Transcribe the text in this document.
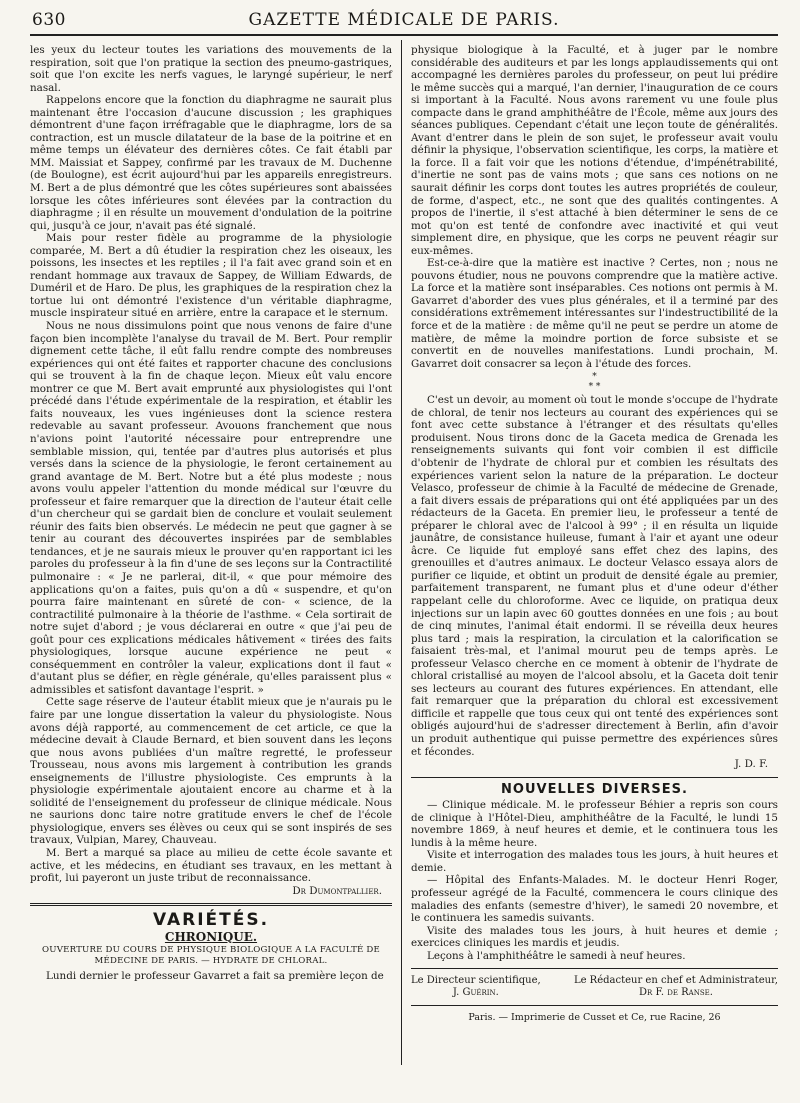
630	GAZETTE MÉDICALE DE PARIS.

les yeux du lecteur toutes les variations des mouvements de la respiration, soit que l'on pratique la section des pneumo-gastriques, soit que l'on excite les nerfs vagues, le laryngé supérieur, le nerf nasal.

Rappelons encore que la fonction du diaphragme ne saurait plus maintenant être l'occasion d'aucune discussion ; les graphiques démontrent d'une façon irréfragable que le diaphragme, lors de sa contraction, est un muscle dilatateur de la base de la poitrine et en même temps un élévateur des dernières côtes. Ce fait établi par MM. Maissiat et Sappey, confirmé par les travaux de M. Duchenne (de Boulogne), est écrit aujourd'hui par les appareils enregistreurs. M. Bert a de plus démontré que les côtes supérieures sont abaissées lorsque les côtes inférieures sont élevées par la contraction du diaphragme ; il en résulte un mouvement d'ondulation de la poitrine qui, jusqu'à ce jour, n'avait pas été signalé.

Mais pour rester fidèle au programme de la physiologie comparée, M. Bert a dû étudier la respiration chez les oiseaux, les poissons, les insectes et les reptiles ; il l'a fait avec grand soin et en rendant hommage aux travaux de Sappey, de William Edwards, de Duméril et de Haro. De plus, les graphiques de la respiration chez la tortue lui ont démontré l'existence d'un véritable diaphragme, muscle inspirateur situé en arrière, entre la carapace et le sternum.

Nous ne nous dissimulons point que nous venons de faire d'une façon bien incomplète l'analyse du travail de M. Bert. Pour remplir dignement cette tâche, il eût fallu rendre compte des nombreuses expériences qui ont été faites et rapporter chacune des conclusions qui se trouvent à la fin de chaque leçon. Mieux eût valu encore montrer ce que M. Bert avait emprunté aux physiologistes qui l'ont précédé dans l'étude expérimentale de la respiration, et établir les faits nouveaux, les vues ingénieuses dont la science restera redevable au savant professeur. Avouons franchement que nous n'avions point l'autorité nécessaire pour entreprendre une semblable mission, qui, tentée par d'autres plus autorisés et plus versés dans la science de la physiologie, le feront certainement au grand avantage de M. Bert. Notre but a été plus modeste ; nous avons voulu appeler l'attention du monde médical sur l'œuvre du professeur et faire remarquer que la direction de l'auteur était celle d'un chercheur qui se gardait bien de conclure et voulait seulement réunir des faits bien observés. Le médecin ne peut que gagner à se tenir au courant des découvertes inspirées par de semblables tendances, et je ne saurais mieux le prouver qu'en rapportant ici les paroles du professeur à la fin d'une de ses leçons sur la Contractilité pulmonaire : « Je ne parlerai, dit-il, « que pour mémoire des applications qu'on a faites, puis qu'on a dû « suspendre, et qu'on pourra faire maintenant en sûreté de con- « science, de la contractilité pulmonaire à la théorie de l'asthme. « Cela sortirait de notre sujet d'abord ; je vous déclarerai en outre « que j'ai peu de goût pour ces explications médicales hâtivement « tirées des faits physiologiques, lorsque aucune expérience ne peut « conséquemment en contrôler la valeur, explications dont il faut « d'autant plus se défier, en règle générale, qu'elles paraissent plus « admissibles et satisfont davantage l'esprit. »

Cette sage réserve de l'auteur établit mieux que je n'aurais pu le faire par une longue dissertation la valeur du physiologiste. Nous avons déjà rapporté, au commencement de cet article, ce que la médecine devait à Claude Bernard, et bien souvent dans les leçons que nous avons publiées d'un maître regretté, le professeur Trousseau, nous avons mis largement à contribution les grands enseignements de l'illustre physiologiste. Ces emprunts à la physiologie expérimentale ajoutaient encore au charme et à la solidité de l'enseignement du professeur de clinique médicale. Nous ne saurions donc taire notre gratitude envers le chef de l'école physiologique, envers ses élèves ou ceux qui se sont inspirés de ses travaux, Vulpian, Marey, Chauveau.

M. Bert a marqué sa place au milieu de cette école savante et active, et les médecins, en étudiant ses travaux, en les mettant à profit, lui payeront un juste tribut de reconnaissance.

Dr Dumontpallier.
VARIÉTÉS.
CHRONIQUE.
OUVERTURE DU COURS DE PHYSIQUE BIOLOGIQUE A LA FACULTÉ DE MÉDECINE DE PARIS. — HYDRATE DE CHLORAL.

Lundi dernier le professeur Gavarret a fait sa première leçon de

physique biologique à la Faculté, et à juger par le nombre considérable des auditeurs et par les longs applaudissements qui ont accompagné les dernières paroles du professeur, on peut lui prédire le même succès qui a marqué, l'an dernier, l'inauguration de ce cours si important à la Faculté. Nous avons rarement vu une foule plus compacte dans le grand amphithéâtre de l'École, même aux jours des séances publiques. Cependant c'était une leçon toute de généralités. Avant d'entrer dans le plein de son sujet, le professeur avait voulu définir la physique, l'observation scientifique, les corps, la matière et la force. Il a fait voir que les notions d'étendue, d'impénétrabilité, d'inertie ne sont pas de vains mots ; que sans ces notions on ne saurait définir les corps dont toutes les autres propriétés de couleur, de forme, d'aspect, etc., ne sont que des qualités contingentes. A propos de l'inertie, il s'est attaché à bien déterminer le sens de ce mot qu'on est tenté de confondre avec inactivité et qui veut simplement dire, en physique, que les corps ne peuvent réagir sur eux-mêmes.

Est-ce-à-dire que la matière est inactive ? Certes, non ; nous ne pouvons étudier, nous ne pouvons comprendre que la matière active. La force et la matière sont inséparables. Ces notions ont permis à M. Gavarret d'aborder des vues plus générales, et il a terminé par des considérations extrêmement intéressantes sur l'indestructibilité de la force et de la matière : de même qu'il ne peut se perdre un atome de matière, de même la moindre portion de force subsiste et se convertit en de nouvelles manifestations. Lundi prochain, M. Gavarret doit consacrer sa leçon à l'étude des forces.

*
* *

C'est un devoir, au moment où tout le monde s'occupe de l'hydrate de chloral, de tenir nos lecteurs au courant des expériences qui se font avec cette substance à l'étranger et des résultats qu'elles produisent. Nous tirons donc de la Gaceta medica de Grenada les renseignements suivants qui font voir combien il est difficile d'obtenir de l'hydrate de chloral pur et combien les résultats des expériences varient selon la nature de la préparation. Le docteur Velasco, professeur de chimie à la Faculté de médecine de Grenade, a fait divers essais de préparations qui ont été appliquées par un des rédacteurs de la Gaceta. En premier lieu, le professeur a tenté de préparer le chloral avec de l'alcool à 99° ; il en résulta un liquide jaunâtre, de consistance huileuse, fumant à l'air et ayant une odeur âcre. Ce liquide fut employé sans effet chez des lapins, des grenouilles et d'autres animaux. Le docteur Velasco essaya alors de purifier ce liquide, et obtint un produit de densité égale au premier, parfaitement transparent, ne fumant plus et d'une odeur d'éther rappelant celle du chloroforme. Avec ce liquide, on pratiqua deux injections sur un lapin avec 60 gouttes données en une fois ; au bout de cinq minutes, l'animal était endormi. Il se réveilla deux heures plus tard ; mais la respiration, la circulation et la calorification se faisaient très-mal, et l'animal mourut peu de temps après. Le professeur Velasco cherche en ce moment à obtenir de l'hydrate de chloral cristallisé au moyen de l'alcool absolu, et la Gaceta doit tenir ses lecteurs au courant des futures expériences. En attendant, elle fait remarquer que la préparation du chloral est excessivement difficile et rappelle que tous ceux qui ont tenté des expériences sont obligés aujourd'hui de s'adresser directement à Berlin, afin d'avoir un produit authentique qui puisse permettre des expériences sûres et fécondes.

J. D. F.
NOUVELLES DIVERSES.

— Clinique médicale. M. le professeur Béhier a repris son cours de clinique à l'Hôtel-Dieu, amphithéâtre de la Faculté, le lundi 15 novembre 1869, à neuf heures et demie, et le continuera tous les lundis à la même heure.

Visite et interrogation des malades tous les jours, à huit heures et demie.

— Hôpital des Enfants-Malades. M. le docteur Henri Roger, professeur agrégé de la Faculté, commencera le cours clinique des maladies des enfants (semestre d'hiver), le samedi 20 novembre, et le continuera les samedis suivants.

Visite des malades tous les jours, à huit heures et demie ; exercices cliniques les mardis et jeudis.

Leçons à l'amphithéâtre le samedi à neuf heures.

Le Directeur scientifique,
J. Guérin.
Le Rédacteur en chef et Administrateur,
Dr F. de Ranse.
Paris. — Imprimerie de Cusset et Ce, rue Racine, 26
